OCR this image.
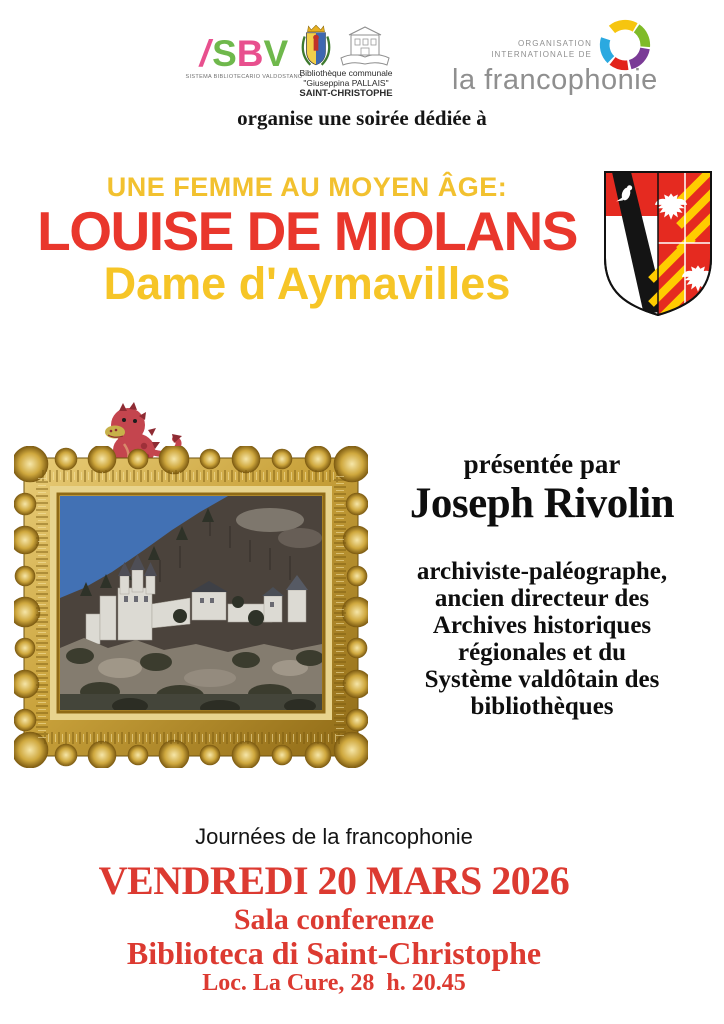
/SBV
SISTEMA BIBLIOTECARIO VALDOSTANO
Bibliothèque communale
"Giuseppina PALLAIS"
SAINT-CHRISTOPHE
ORGANISATION
INTERNATIONALE DE
la francophonie
organise une soirée dédiée à
UNE FEMME AU MOYEN ÂGE:
LOUISE DE MIOLANS
Dame d'Aymavilles
présentée par
Joseph Rivolin
archiviste-paléographe,
ancien directeur des
Archives historiques
régionales et du
Système valdôtain des
bibliothèques
Journées de la francophonie
VENDREDI 20 MARS 2026
Sala conferenze
Biblioteca di Saint-Christophe
Loc. La Cure, 28  h. 20.45
